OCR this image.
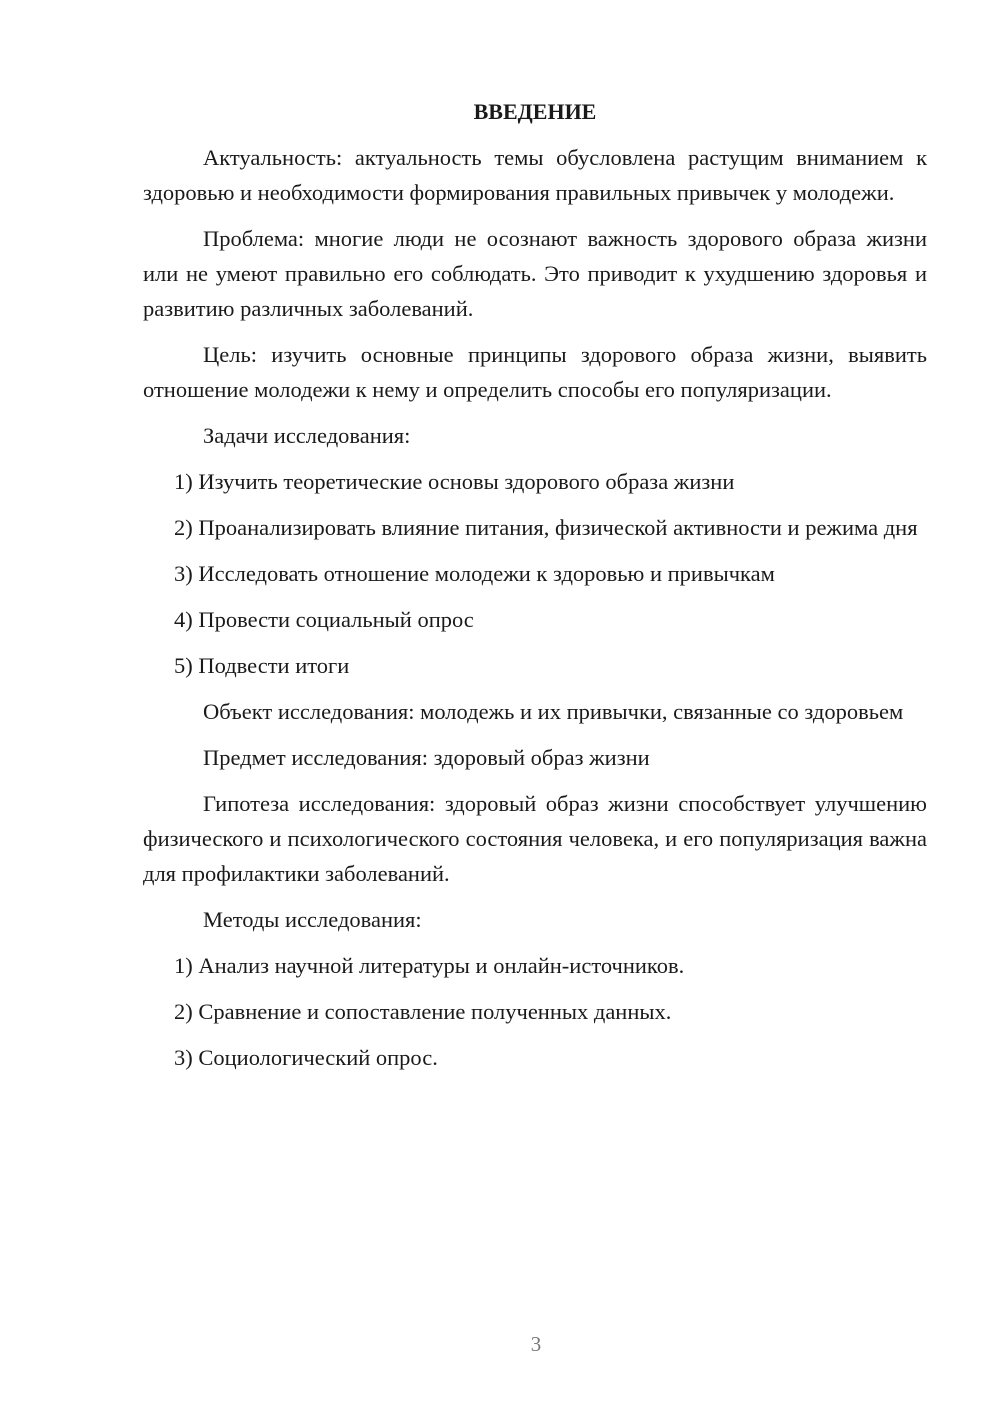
ВВЕДЕНИЕ

Актуальность: актуальность темы обусловлена растущим вниманием к здоровью и необходимости формирования правильных привычек у молодежи.

Проблема: многие люди не осознают важность здорового образа жизни или не умеют правильно его соблюдать. Это приводит к ухудшению здоровья и развитию различных заболеваний.

Цель: изучить основные принципы здорового образа жизни, выявить отношение молодежи к нему и определить способы его популяризации.

Задачи исследования:

1) Изучить теоретические основы здорового образа жизни

2) Проанализировать влияние питания, физической активности и режима дня

3) Исследовать отношение молодежи к здоровью и привычкам

4) Провести социальный опрос

5) Подвести итоги

Объект исследования: молодежь и их привычки, связанные со здоровьем

Предмет исследования: здоровый образ жизни

Гипотеза исследования: здоровый образ жизни способствует улучшению физического и психологического состояния человека, и его популяризация важна для профилактики заболеваний.

Методы исследования:

1) Анализ научной литературы и онлайн-источников.

2) Сравнение и сопоставление полученных данных.

3) Социологический опрос.

3
